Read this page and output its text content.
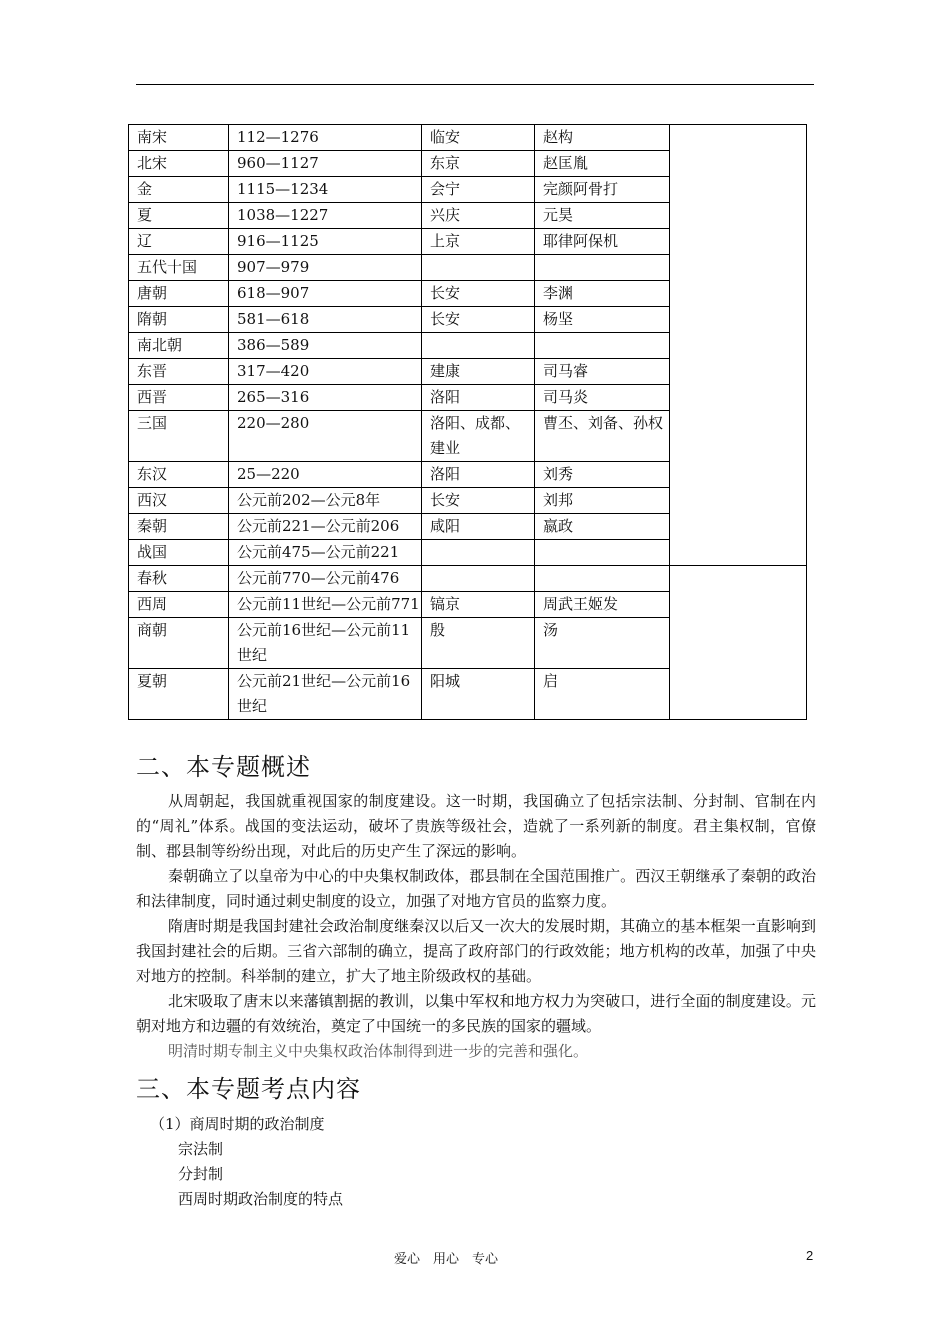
南宋	112—1276	临安	赵构	
北宋	960—1127	东京	赵匡胤	
金	1115—1234	会宁	完颜阿骨打	
夏	1038—1227	兴庆	元昊	
辽	916—1125	上京	耶律阿保机	
五代十国	907—979			
唐朝	618—907	长安	李渊	
隋朝	581—618	长安	杨坚	
南北朝	386—589			
东晋	317—420	建康	司马睿	
西晋	265—316	洛阳	司马炎	
三国	220—280	洛阳、成都、建业	曹丕、刘备、孙权	
东汉	25—220	洛阳	刘秀	
西汉	公元前202—公元8年	长安	刘邦	
秦朝	公元前221—公元前206	咸阳	嬴政	
战国	公元前475—公元前221			
春秋	公元前770—公元前476			
西周	公元前11世纪—公元前771	镐京	周武王姬发	
商朝	公元前16世纪—公元前11世纪	殷	汤	
夏朝	公元前21世纪—公元前16世纪	阳城	启	
二、本专题概述

从周朝起，我国就重视国家的制度建设。这一时期，我国确立了包括宗法制、分封制、官制在内的“周礼”体系。战国的变法运动，破坏了贵族等级社会，造就了一系列新的制度。君主集权制，官僚制、郡县制等纷纷出现，对此后的历史产生了深远的影响。

秦朝确立了以皇帝为中心的中央集权制政体，郡县制在全国范围推广。西汉王朝继承了秦朝的政治和法律制度，同时通过刺史制度的设立，加强了对地方官员的监察力度。

隋唐时期是我国封建社会政治制度继秦汉以后又一次大的发展时期，其确立的基本框架一直影响到我国封建社会的后期。三省六部制的确立，提高了政府部门的行政效能；地方机构的改革，加强了中央对地方的控制。科举制的建立，扩大了地主阶级政权的基础。

北宋吸取了唐末以来藩镇割据的教训，以集中军权和地方权力为突破口，进行全面的制度建设。元朝对地方和边疆的有效统治，奠定了中国统一的多民族的国家的疆域。

明清时期专制主义中央集权政治体制得到进一步的完善和强化。

三、本专题考点内容
（1）商周时期的政治制度
宗法制
分封制
西周时期政治制度的特点
爱心　用心　专心	2
